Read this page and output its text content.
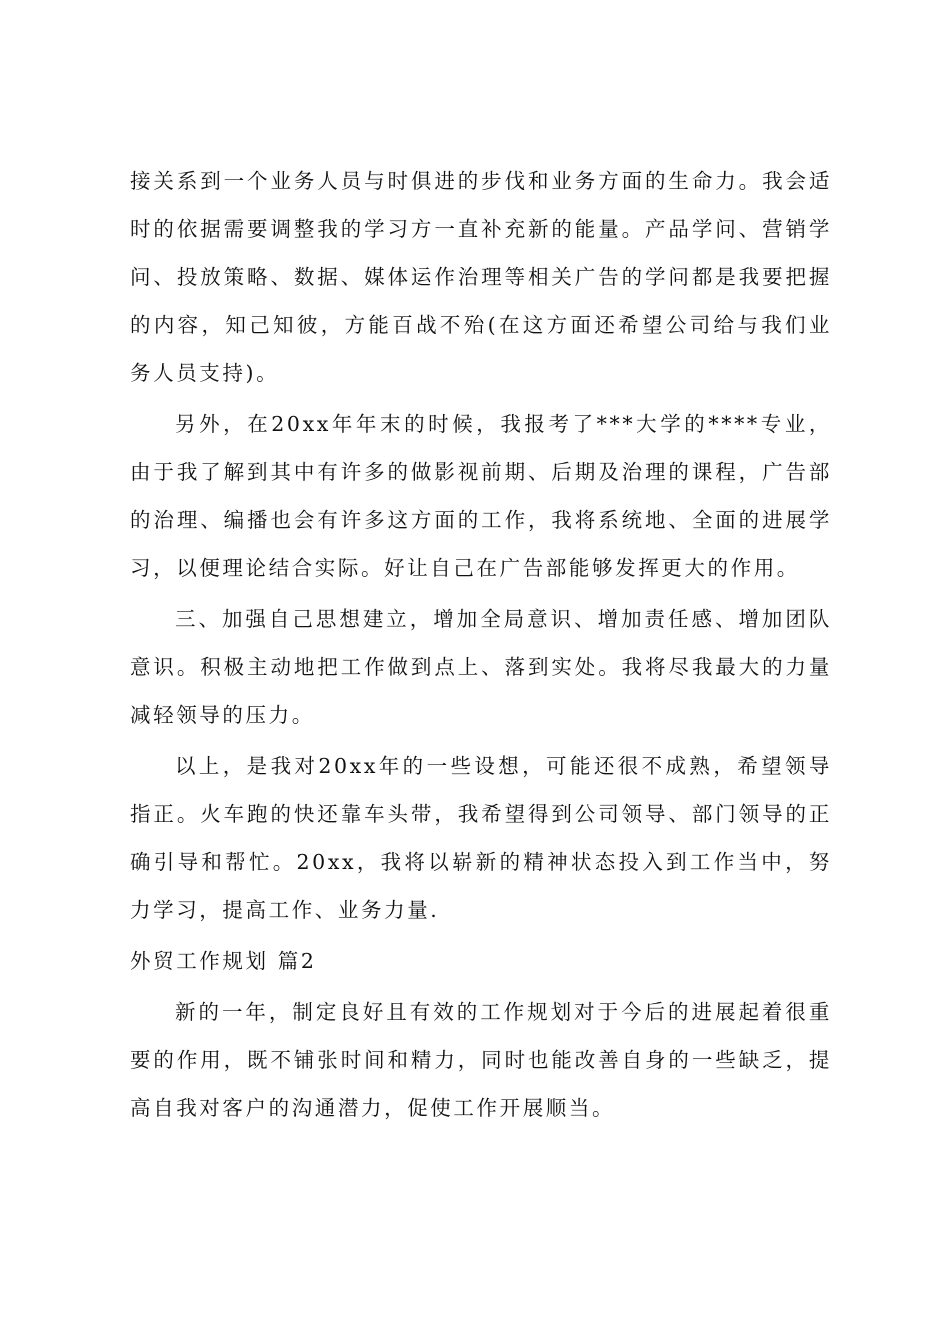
接关系到一个业务人员与时俱进的步伐和业务方面的生命力。我会适时的依据需要调整我的学习方一直补充新的能量。产品学问、营销学问、投放策略、数据、媒体运作治理等相关广告的学问都是我要把握的内容，知己知彼，方能百战不殆(在这方面还希望公司给与我们业务人员支持)。

另外，在20xx年年末的时候，我报考了***大学的****专业，由于我了解到其中有许多的做影视前期、后期及治理的课程，广告部的治理、编播也会有许多这方面的工作，我将系统地、全面的进展学习，以便理论结合实际。好让自己在广告部能够发挥更大的作用。

三、加强自己思想建立，增加全局意识、增加责任感、增加团队意识。积极主动地把工作做到点上、落到实处。我将尽我最大的力量减轻领导的压力。

以上，是我对20xx年的一些设想，可能还很不成熟，希望领导指正。火车跑的快还靠车头带，我希望得到公司领导、部门领导的正确引导和帮忙。20xx，我将以崭新的精神状态投入到工作当中，努力学习，提高工作、业务力量.

外贸工作规划 篇2

新的一年，制定良好且有效的工作规划对于今后的进展起着很重要的作用，既不铺张时间和精力，同时也能改善自身的一些缺乏，提高自我对客户的沟通潜力，促使工作开展顺当。
